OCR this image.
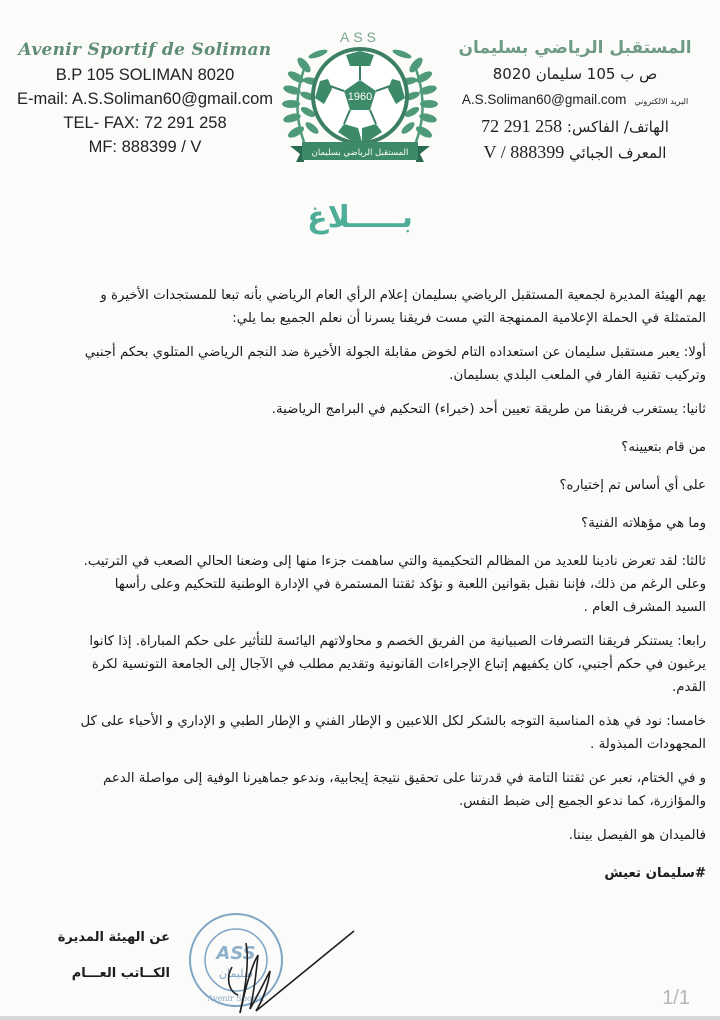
Avenir Sportif de Soliman
B.P 105 SOLIMAN 8020
E-mail: A.S.Soliman60@gmail.com
TEL- FAX: 72 291 258
MF: 888399 / V
ASS
1960
المستقبل الرياضي بسليمان
المستقبل الرياضي بسليمان
ص ب 105 سليمان 8020
البريد الالكتروني A.S.Soliman60@gmail.com
الهاتف/ الفاكس: 72 291 258
المعرف الجبائي V / 888399
بـــــلاغ

يهم الهيئة المديرة لجمعية المستقبل الرياضي بسليمان إعلام الرأي العام الرياضي بأنه تبعا للمستجدات الأخيرة و المتمثلة في الحملة الإعلامية الممنهجة التي مست فريقنا يسرنا أن نعلم الجميع بما يلي:

أولا: يعبر مستقبل سليمان عن استعداده التام لخوض مقابلة الجولة الأخيرة ضد النجم الرياضي المتلوي بحكم أجنبي وتركيب تقنية الفار في الملعب البلدي بسليمان.

ثانيا: يستغرب فريقنا من طريقة تعيين أحد (خبراء) التحكيم في البرامج الرياضية.

من قام بتعيينه؟

على أي أساس تم إختياره؟

وما هي مؤهلاته الفنية؟

ثالثا: لقد تعرض نادينا للعديد من المظالم التحكيمية والتي ساهمت جزءا منها إلى وضعنا الحالي الصعب في الترتيب. وعلى الرغم من ذلك، فإننا نقبل بقوانين اللعبة و نؤكد ثقتنا المستمرة في الإدارة الوطنية للتحكيم وعلى رأسها السيد المشرف العام .

رابعا: يستنكر فريقنا التصرفات الصبيانية من الفريق الخصم و محاولاتهم اليائسة للتأثير على حكم المباراة. إذا كانوا يرغبون في حكم أجنبي، كان يكفيهم إتباع الإجراءات القانونية وتقديم مطلب في الآجال إلى الجامعة التونسية لكرة القدم.

خامسا: نود في هذه المناسبة التوجه بالشكر لكل اللاعبين و الإطار الفني و الإطار الطبي و الإداري و الأحباء على كل المجهودات المبذولة .

و في الختام، نعبر عن ثقتنا التامة في قدرتنا على تحقيق نتيجة إيجابية، وندعو جماهيرنا الوفية إلى مواصلة الدعم والمؤازرة، كما ندعو الجميع إلى ضبط النفس.

فالميدان هو الفيصل بيننا.

#سليمان تعيش

عن الهيئة المديرة
الكــاتب العـــام
ASS
سليمان
Avenir Sportif	1/1
